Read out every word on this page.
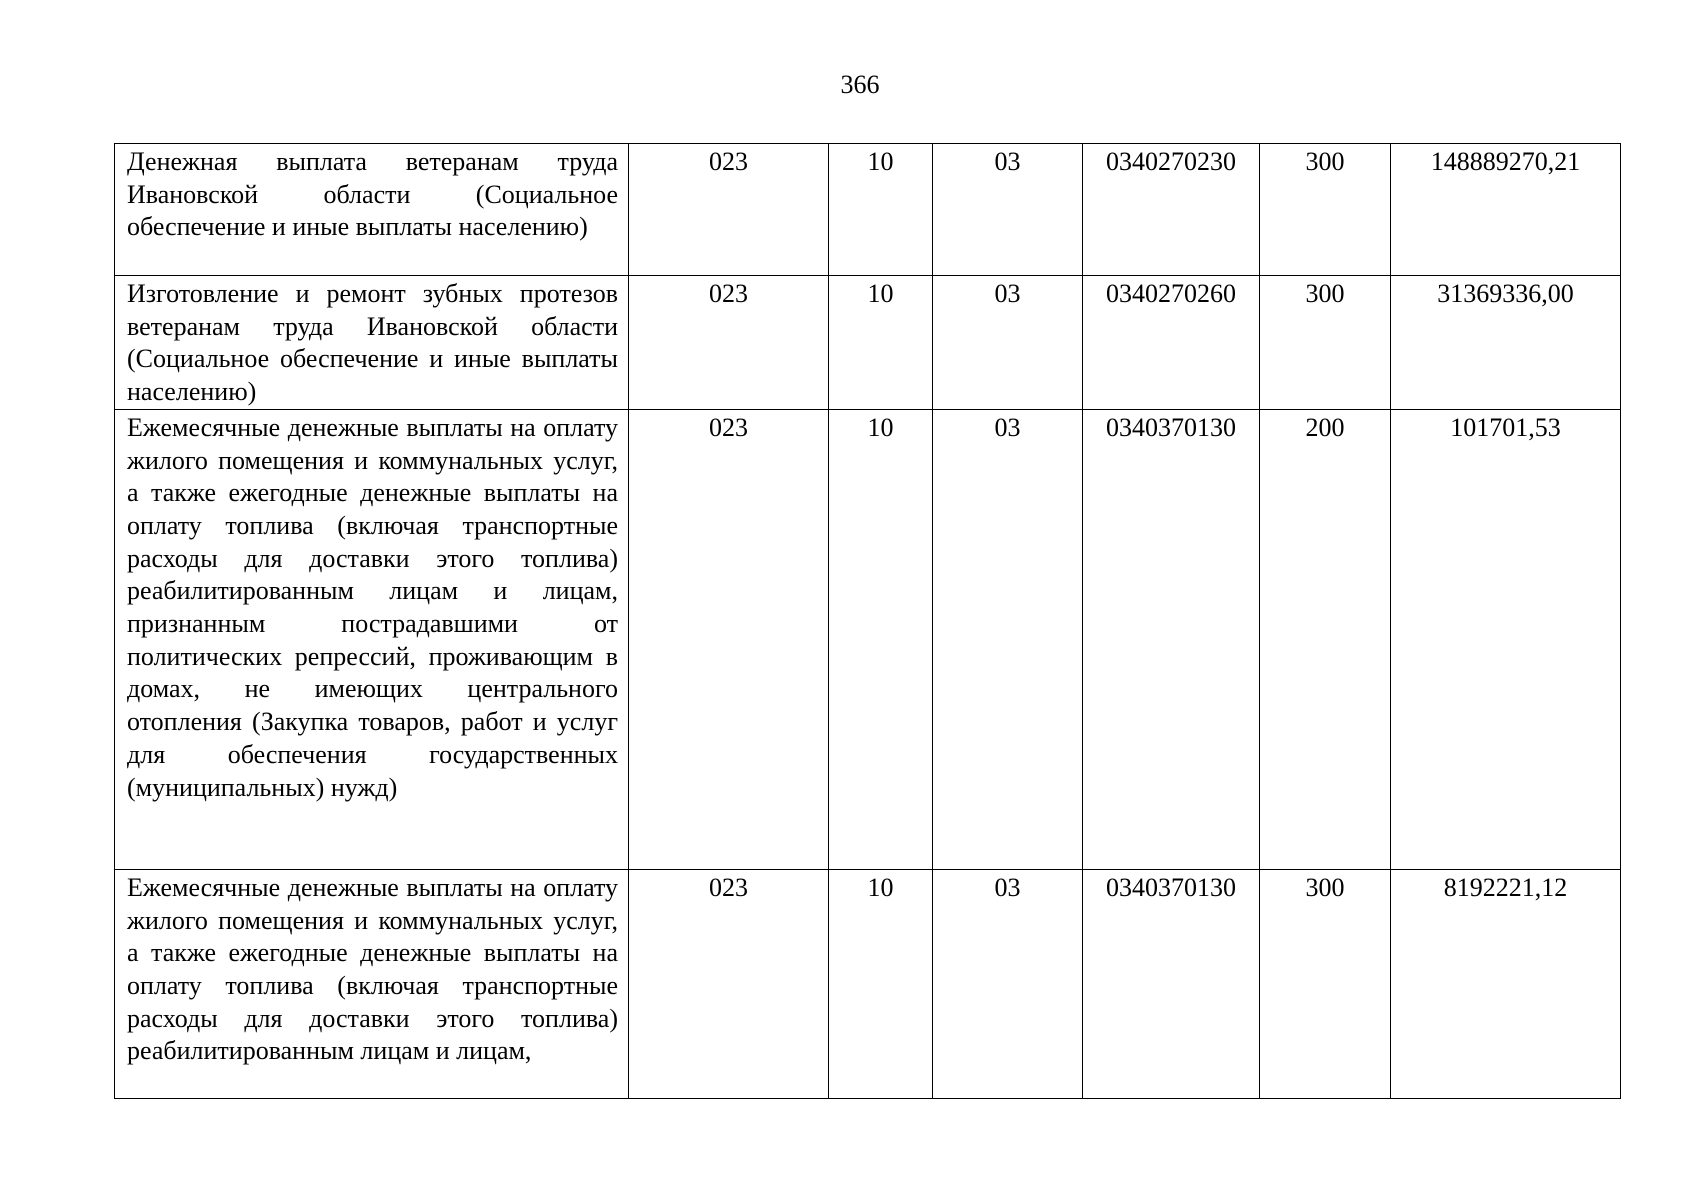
366
Денежная выплата ветеранам труда Ивановской области (Социальное обеспечение и иные выплаты населению)	023	10	03	0340270230	300	148889270,21
Изготовление и ремонт зубных протезов ветеранам труда Ивановской области (Социальное обеспечение и иные выплаты населению)	023	10	03	0340270260	300	31369336,00
Ежемесячные денежные выплаты на оплату жилого помещения и коммунальных услуг, а также ежегодные денежные выплаты на оплату топлива (включая транспортные расходы для доставки этого топлива) реабилитированным лицам и лицам, признанным пострадавшими от политических репрессий, проживающим в домах, не имеющих центрального отопления (Закупка товаров, работ и услуг для обеспечения государственных (муниципальных) нужд)	023	10	03	0340370130	200	101701,53
Ежемесячные денежные выплаты на оплату жилого помещения и коммунальных услуг, а также ежегодные денежные выплаты на оплату топлива (включая транспортные расходы для доставки этого топлива) реабилитированным лицам и лицам,	023	10	03	0340370130	300	8192221,12
